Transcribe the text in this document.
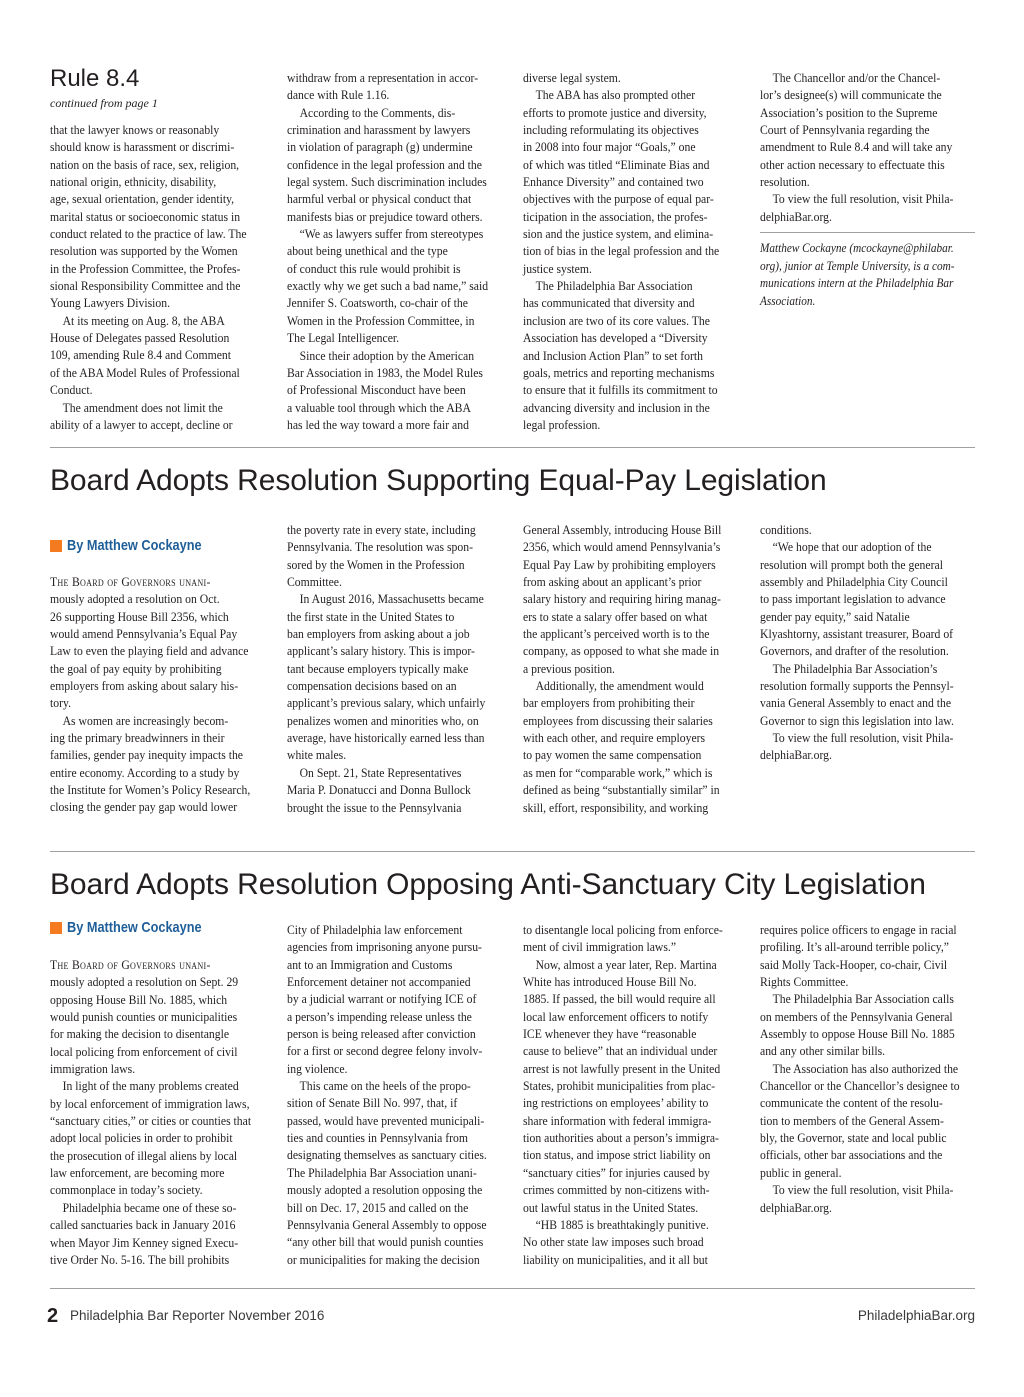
Rule 8.4
continued from page 1
that the lawyer knows or reasonably
should know is harassment or discrimi-
nation on the basis of race, sex, religion,
national origin, ethnicity, disability,
age, sexual orientation, gender identity,
marital status or socioeconomic status in
conduct related to the practice of law. The
resolution was supported by the Women
in the Profession Committee, the Profes-
sional Responsibility Committee and the
Young Lawyers Division.
At its meeting on Aug. 8, the ABA
House of Delegates passed Resolution
109, amending Rule 8.4 and Comment
of the ABA Model Rules of Professional
Conduct.
The amendment does not limit the
ability of a lawyer to accept, decline or
withdraw from a representation in accor-
dance with Rule 1.16.
According to the Comments, dis-
crimination and harassment by lawyers
in violation of paragraph (g) undermine
confidence in the legal profession and the
legal system. Such discrimination includes
harmful verbal or physical conduct that
manifests bias or prejudice toward others.
“We as lawyers suffer from stereotypes
about being unethical and the type
of conduct this rule would prohibit is
exactly why we get such a bad name,” said
Jennifer S. Coatsworth, co-chair of the
Women in the Profession Committee, in
The Legal Intelligencer.
Since their adoption by the American
Bar Association in 1983, the Model Rules
of Professional Misconduct have been
a valuable tool through which the ABA
has led the way toward a more fair and
diverse legal system.
The ABA has also prompted other
efforts to promote justice and diversity,
including reformulating its objectives
in 2008 into four major “Goals,” one
of which was titled “Eliminate Bias and
Enhance Diversity” and contained two
objectives with the purpose of equal par-
ticipation in the association, the profes-
sion and the justice system, and elimina-
tion of bias in the legal profession and the
justice system.
The Philadelphia Bar Association
has communicated that diversity and
inclusion are two of its core values. The
Association has developed a “Diversity
and Inclusion Action Plan” to set forth
goals, metrics and reporting mechanisms
to ensure that it fulfills its commitment to
advancing diversity and inclusion in the
legal profession.
The Chancellor and/or the Chancel-
lor’s designee(s) will communicate the
Association’s position to the Supreme
Court of Pennsylvania regarding the
amendment to Rule 8.4 and will take any
other action necessary to effectuate this
resolution.
To view the full resolution, visit Phila-
delphiaBar.org.
Matthew Cockayne (mcockayne@philabar.
org), junior at Temple University, is a com-
munications intern at the Philadelphia Bar
Association.
Board Adopts Resolution Supporting Equal-Pay Legislation
By Matthew Cockayne
The Board of Governors unani-
mously adopted a resolution on Oct.
26 supporting House Bill 2356, which
would amend Pennsylvania’s Equal Pay
Law to even the playing field and advance
the goal of pay equity by prohibiting
employers from asking about salary his-
tory.
As women are increasingly becom-
ing the primary breadwinners in their
families, gender pay inequity impacts the
entire economy. According to a study by
the Institute for Women’s Policy Research,
closing the gender pay gap would lower
the poverty rate in every state, including
Pennsylvania. The resolution was spon-
sored by the Women in the Profession
Committee.
In August 2016, Massachusetts became
the first state in the United States to
ban employers from asking about a job
applicant’s salary history. This is impor-
tant because employers typically make
compensation decisions based on an
applicant’s previous salary, which unfairly
penalizes women and minorities who, on
average, have historically earned less than
white males.
On Sept. 21, State Representatives
Maria P. Donatucci and Donna Bullock
brought the issue to the Pennsylvania
General Assembly, introducing House Bill
2356, which would amend Pennsylvania’s
Equal Pay Law by prohibiting employers
from asking about an applicant’s prior
salary history and requiring hiring manag-
ers to state a salary offer based on what
the applicant’s perceived worth is to the
company, as opposed to what she made in
a previous position.
Additionally, the amendment would
bar employers from prohibiting their
employees from discussing their salaries
with each other, and require employers
to pay women the same compensation
as men for “comparable work,” which is
defined as being “substantially similar” in
skill, effort, responsibility, and working
conditions.
“We hope that our adoption of the
resolution will prompt both the general
assembly and Philadelphia City Council
to pass important legislation to advance
gender pay equity,” said Natalie
Klyashtorny, assistant treasurer, Board of
Governors, and drafter of the resolution.
The Philadelphia Bar Association’s
resolution formally supports the Pennsyl-
vania General Assembly to enact and the
Governor to sign this legislation into law.
To view the full resolution, visit Phila-
delphiaBar.org.
Board Adopts Resolution Opposing Anti-Sanctuary City Legislation
By Matthew Cockayne
The Board of Governors unani-
mously adopted a resolution on Sept. 29
opposing House Bill No. 1885, which
would punish counties or municipalities
for making the decision to disentangle
local policing from enforcement of civil
immigration laws.
In light of the many problems created
by local enforcement of immigration laws,
“sanctuary cities,” or cities or counties that
adopt local policies in order to prohibit
the prosecution of illegal aliens by local
law enforcement, are becoming more
commonplace in today’s society.
Philadelphia became one of these so-
called sanctuaries back in January 2016
when Mayor Jim Kenney signed Execu-
tive Order No. 5-16. The bill prohibits
City of Philadelphia law enforcement
agencies from imprisoning anyone pursu-
ant to an Immigration and Customs
Enforcement detainer not accompanied
by a judicial warrant or notifying ICE of
a person’s impending release unless the
person is being released after conviction
for a first or second degree felony involv-
ing violence.
This came on the heels of the propo-
sition of Senate Bill No. 997, that, if
passed, would have prevented municipali-
ties and counties in Pennsylvania from
designating themselves as sanctuary cities.
The Philadelphia Bar Association unani-
mously adopted a resolution opposing the
bill on Dec. 17, 2015 and called on the
Pennsylvania General Assembly to oppose
“any other bill that would punish counties
or municipalities for making the decision
to disentangle local policing from enforce-
ment of civil immigration laws.”
Now, almost a year later, Rep. Martina
White has introduced House Bill No.
1885. If passed, the bill would require all
local law enforcement officers to notify
ICE whenever they have “reasonable
cause to believe” that an individual under
arrest is not lawfully present in the United
States, prohibit municipalities from plac-
ing restrictions on employees’ ability to
share information with federal immigra-
tion authorities about a person’s immigra-
tion status, and impose strict liability on
“sanctuary cities” for injuries caused by
crimes committed by non-citizens with-
out lawful status in the United States.
“HB 1885 is breathtakingly punitive.
No other state law imposes such broad
liability on municipalities, and it all but
requires police officers to engage in racial
profiling. It’s all-around terrible policy,”
said Molly Tack-Hooper, co-chair, Civil
Rights Committee.
The Philadelphia Bar Association calls
on members of the Pennsylvania General
Assembly to oppose House Bill No. 1885
and any other similar bills.
The Association has also authorized the
Chancellor or the Chancellor’s designee to
communicate the content of the resolu-
tion to members of the General Assem-
bly, the Governor, state and local public
officials, other bar associations and the
public in general.
To view the full resolution, visit Phila-
delphiaBar.org.
2 Philadelphia Bar Reporter November 2016	PhiladelphiaBar.org
